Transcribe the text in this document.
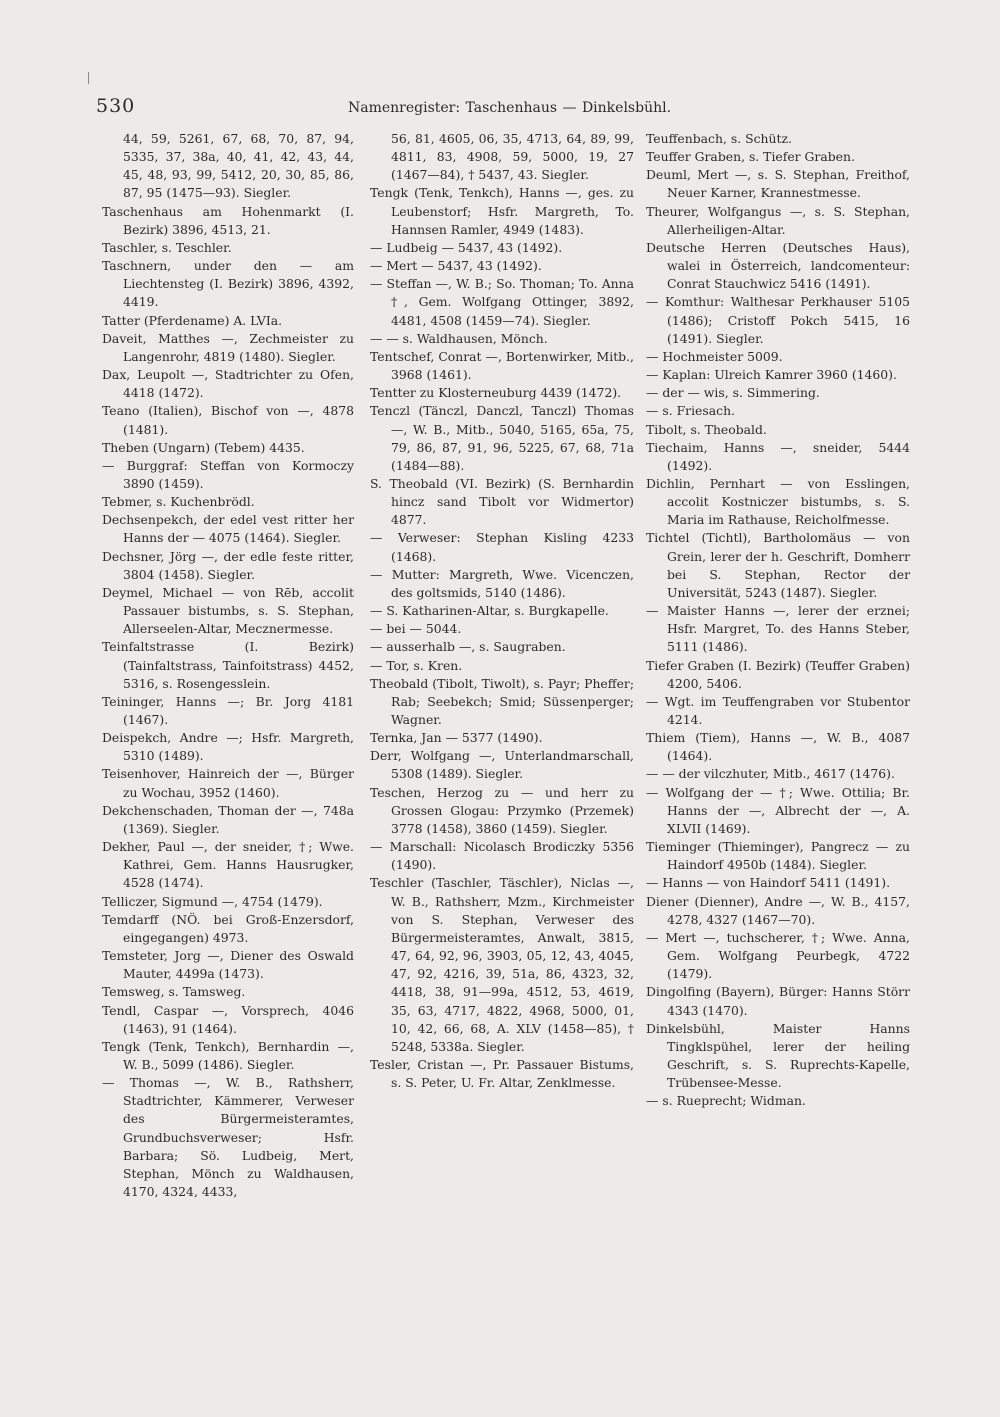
530	Namenregister: Taschenhaus — Dinkelsbühl.

44, 59, 5261, 67, 68, 70, 87, 94, 5335, 37, 38a, 40, 41, 42, 43, 44, 45, 48, 93, 99, 5412, 20, 30, 85, 86, 87, 95 (1475—93). Siegler.

Taschenhaus am Hohenmarkt (I. Bezirk) 3896, 4513, 21.

Taschler, s. Teschler.

Taschnern, under den — am Liechtensteg (I. Bezirk) 3896, 4392, 4419.

Tatter (Pferdename) A. LVIa.

Daveit, Matthes —, Zechmeister zu Langenrohr, 4819 (1480). Siegler.

Dax, Leupolt —, Stadtrichter zu Ofen, 4418 (1472).

Teano (Italien), Bischof von —, 4878 (1481).

Theben (Ungarn) (Tebem) 4435.

— Burggraf: Steffan von Kormoczy 3890 (1459).

Tebmer, s. Kuchenbrödl.

Dechsenpekch, der edel vest ritter her Hanns der — 4075 (1464). Siegler.

Dechsner, Jörg —, der edle feste ritter, 3804 (1458). Siegler.

Deymel, Michael — von Rēb, accolit Passauer bistumbs, s. S. Stephan, Allerseelen-Altar, Mecznermesse.

Teinfaltstrasse (I. Bezirk) (Tainfaltstrass, Tainfoitstrass) 4452, 5316, s. Rosengesslein.

Teininger, Hanns —; Br. Jorg 4181 (1467).

Deispekch, Andre —; Hsfr. Margreth, 5310 (1489).

Teisenhover, Hainreich der —, Bürger zu Wochau, 3952 (1460).

Dekchenschaden, Thoman der —, 748a (1369). Siegler.

Dekher, Paul —, der sneider, †; Wwe. Kathrei, Gem. Hanns Hausrugker, 4528 (1474).

Telliczer, Sigmund —, 4754 (1479).

Temdarff (NÖ. bei Groß-Enzersdorf, eingegangen) 4973.

Temsteter, Jorg —, Diener des Oswald Mauter, 4499a (1473).

Temsweg, s. Tamsweg.

Tendl, Caspar —, Vorsprech, 4046 (1463), 91 (1464).

Tengk (Tenk, Tenkch), Bernhardin —, W. B., 5099 (1486). Siegler.

— Thomas —, W. B., Rathsherr, Stadtrichter, Kämmerer, Verweser des Bürgermeisteramtes, Grundbuchsverweser; Hsfr. Barbara; Sö. Ludbeig, Mert, Stephan, Mönch zu Waldhausen, 4170, 4324, 4433,

56, 81, 4605, 06, 35, 4713, 64, 89, 99, 4811, 83, 4908, 59, 5000, 19, 27 (1467—84), † 5437, 43. Siegler.

Tengk (Tenk, Tenkch), Hanns —, ges. zu Leubenstorf; Hsfr. Margreth, To. Hannsen Ramler, 4949 (1483).

— Ludbeig — 5437, 43 (1492).

— Mert — 5437, 43 (1492).

— Steffan —, W. B.; So. Thoman; To. Anna †, Gem. Wolfgang Ottinger, 3892, 4481, 4508 (1459—74). Siegler.

— — s. Waldhausen, Mönch.

Tentschef, Conrat —, Bortenwirker, Mitb., 3968 (1461).

Tentter zu Klosterneuburg 4439 (1472).

Tenczl (Tänczl, Danczl, Tanczl) Thomas —, W. B., Mitb., 5040, 5165, 65a, 75, 79, 86, 87, 91, 96, 5225, 67, 68, 71a (1484—88).

S. Theobald (VI. Bezirk) (S. Bernhardin hincz sand Tibolt vor Widmertor) 4877.

— Verweser: Stephan Kisling 4233 (1468).

— Mutter: Margreth, Wwe. Vicenczen, des goltsmids, 5140 (1486).

— S. Katharinen-Altar, s. Burgkapelle.

— bei — 5044.

— ausserhalb —, s. Saugraben.

— Tor, s. Kren.

Theobald (Tibolt, Tiwolt), s. Payr; Pheffer; Rab; Seebekch; Smid; Süssenperger; Wagner.

Ternka, Jan — 5377 (1490).

Derr, Wolfgang —, Unterlandmarschall, 5308 (1489). Siegler.

Teschen, Herzog zu — und herr zu Grossen Glogau: Przymko (Przemek) 3778 (1458), 3860 (1459). Siegler.

— Marschall: Nicolasch Brodiczky 5356 (1490).

Teschler (Taschler, Täschler), Niclas —, W. B., Rathsherr, Mzm., Kirchmeister von S. Stephan, Verweser des Bürgermeisteramtes, Anwalt, 3815, 47, 64, 92, 96, 3903, 05, 12, 43, 4045, 47, 92, 4216, 39, 51a, 86, 4323, 32, 4418, 38, 91—99a, 4512, 53, 4619, 35, 63, 4717, 4822, 4968, 5000, 01, 10, 42, 66, 68, A. XLV (1458—85), † 5248, 5338a. Siegler.

Tesler, Cristan —, Pr. Passauer Bistums, s. S. Peter, U. Fr. Altar, Zenklmesse.

Teuffenbach, s. Schütz.

Teuffer Graben, s. Tiefer Graben.

Deuml, Mert —, s. S. Stephan, Freithof, Neuer Karner, Krannestmesse.

Theurer, Wolfgangus —, s. S. Stephan, Allerheiligen-Altar.

Deutsche Herren (Deutsches Haus), walei in Österreich, landcomenteur: Conrat Stauchwicz 5416 (1491).

— Komthur: Walthesar Perkhauser 5105 (1486); Cristoff Pokch 5415, 16 (1491). Siegler.

— Hochmeister 5009.

— Kaplan: Ulreich Kamrer 3960 (1460).

— der — wis, s. Simmering.

— s. Friesach.

Tibolt, s. Theobald.

Tiechaim, Hanns —, sneider, 5444 (1492).

Dichlin, Pernhart — von Esslingen, accolit Kostniczer bistumbs, s. S. Maria im Rathause, Reicholfmesse.

Tichtel (Tichtl), Bartholomäus — von Grein, lerer der h. Geschrift, Domherr bei S. Stephan, Rector der Universität, 5243 (1487). Siegler.

— Maister Hanns —, lerer der erznei; Hsfr. Margret, To. des Hanns Steber, 5111 (1486).

Tiefer Graben (I. Bezirk) (Teuffer Graben) 4200, 5406.

— Wgt. im Teuffengraben vor Stubentor 4214.

Thiem (Tiem), Hanns —, W. B., 4087 (1464).

— — der vilczhuter, Mitb., 4617 (1476).

— Wolfgang der — †; Wwe. Ottilia; Br. Hanns der —, Albrecht der —, A. XLVII (1469).

Tieminger (Thieminger), Pangrecz — zu Haindorf 4950b (1484). Siegler.

— Hanns — von Haindorf 5411 (1491).

Diener (Dienner), Andre —, W. B., 4157, 4278, 4327 (1467—70).

— Mert —, tuchscherer, †; Wwe. Anna, Gem. Wolfgang Peurbegk, 4722 (1479).

Dingolfing (Bayern), Bürger: Hanns Störr 4343 (1470).

Dinkelsbühl, Maister Hanns Tingklspühel, lerer der heiling Geschrift, s. S. Ruprechts-Kapelle, Trübensee-Messe.

— s. Rueprecht; Widman.
